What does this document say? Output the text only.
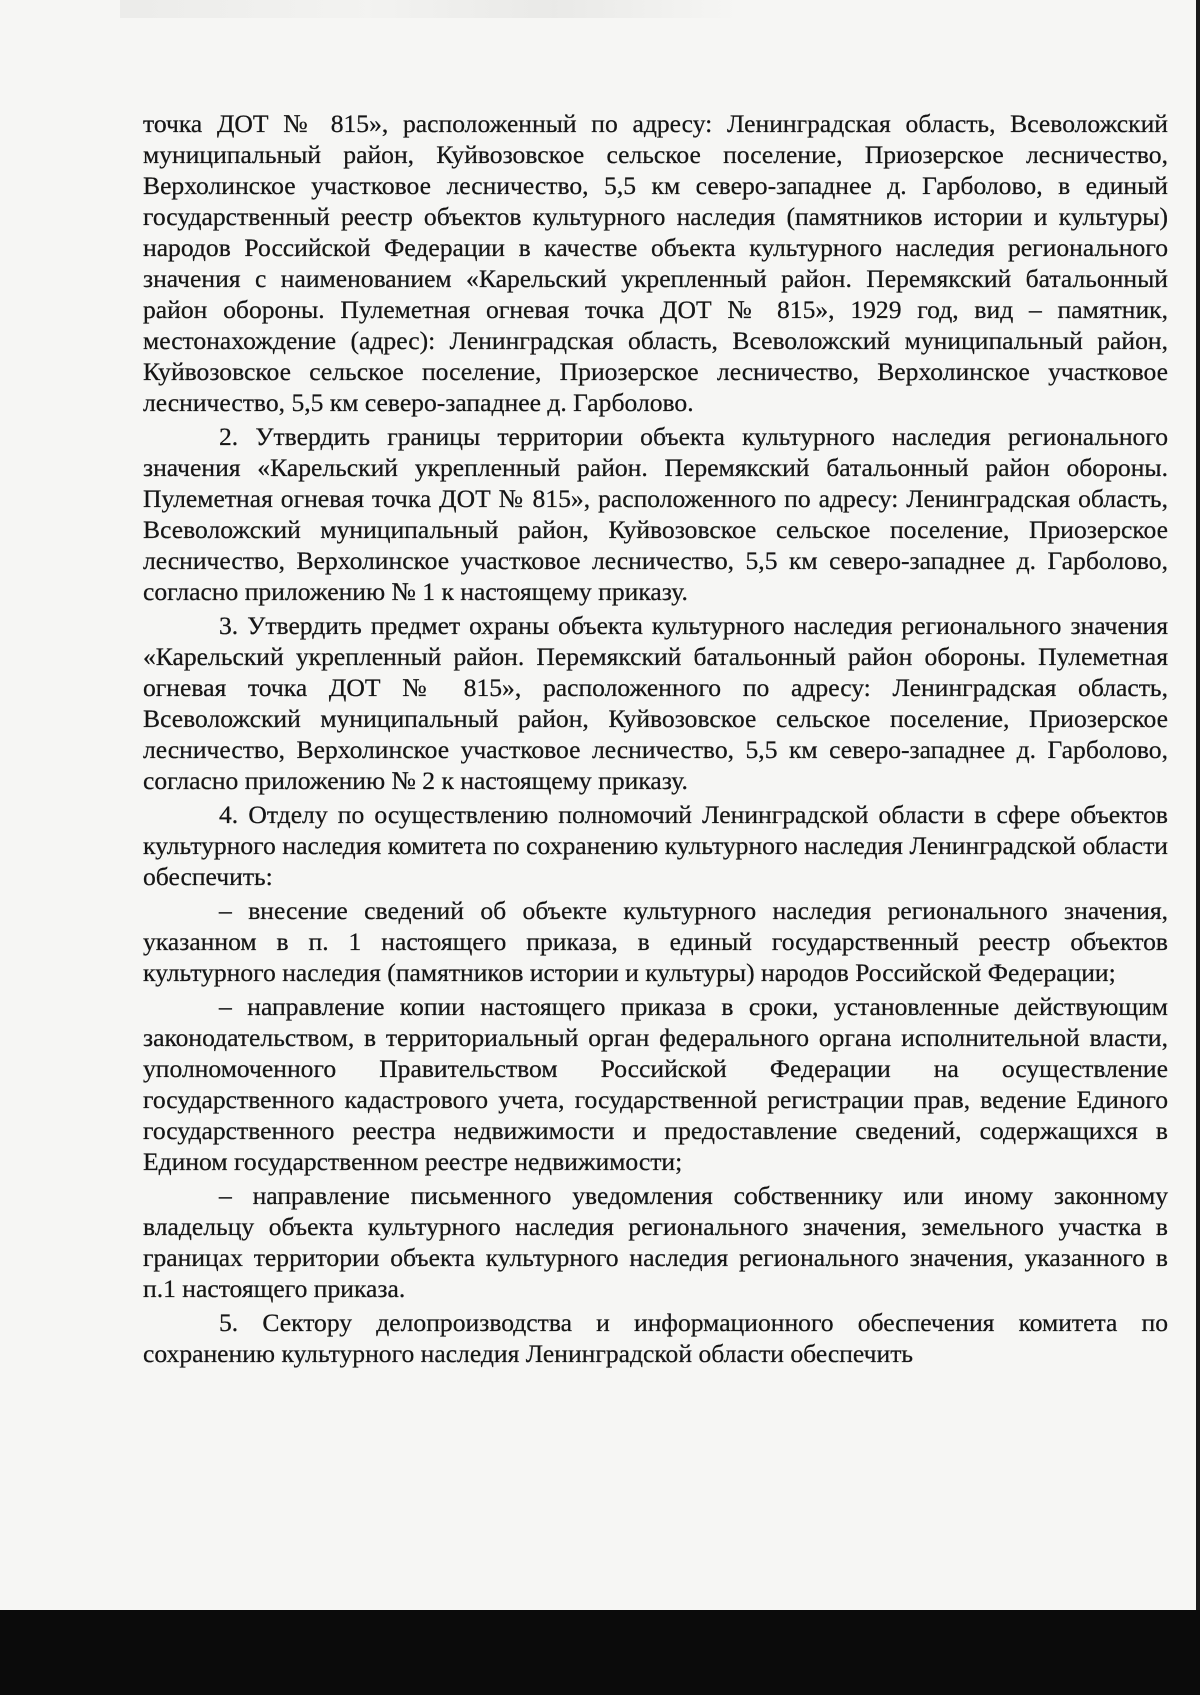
точка ДОТ № 815», расположенный по адресу: Ленинградская область, Всеволожский муниципальный район, Куйвозовское сельское поселение, Приозерское лесничество, Верхолинское участковое лесничество, 5,5 км северо-западнее д. Гарболово, в единый государственный реестр объектов культурного наследия (памятников истории и культуры) народов Российской Федерации в качестве объекта культурного наследия регионального значения с наименованием «Карельский укрепленный район. Перемякский батальонный район обороны. Пулеметная огневая точка ДОТ № 815», 1929 год, вид – памятник, местонахождение (адрес): Ленинградская область, Всеволожский муниципальный район, Куйвозовское сельское поселение, Приозерское лесничество, Верхолинское участковое лесничество, 5,5 км северо-западнее д. Гарболово.

2. Утвердить границы территории объекта культурного наследия регионального значения «Карельский укрепленный район. Перемякский батальонный район обороны. Пулеметная огневая точка ДОТ № 815», расположенного по адресу: Ленинградская область, Всеволожский муниципальный район, Куйвозовское сельское поселение, Приозерское лесничество, Верхолинское участковое лесничество, 5,5 км северо-западнее д. Гарболово, согласно приложению № 1 к настоящему приказу.

3. Утвердить предмет охраны объекта культурного наследия регионального значения «Карельский укрепленный район. Перемякский батальонный район обороны. Пулеметная огневая точка ДОТ № 815», расположенного по адресу: Ленинградская область, Всеволожский муниципальный район, Куйвозовское сельское поселение, Приозерское лесничество, Верхолинское участковое лесничество, 5,5 км северо-западнее д. Гарболово, согласно приложению № 2 к настоящему приказу.

4. Отделу по осуществлению полномочий Ленинградской области в сфере объектов культурного наследия комитета по сохранению культурного наследия Ленинградской области обеспечить:

– внесение сведений об объекте культурного наследия регионального значения, указанном в п. 1 настоящего приказа, в единый государственный реестр объектов культурного наследия (памятников истории и культуры) народов Российской Федерации;

– направление копии настоящего приказа в сроки, установленные действующим законодательством, в территориальный орган федерального органа исполнительной власти, уполномоченного Правительством Российской Федерации на осуществление государственного кадастрового учета, государственной регистрации прав, ведение Единого государственного реестра недвижимости и предоставление сведений, содержащихся в Едином государственном реестре недвижимости;

– направление письменного уведомления собственнику или иному законному владельцу объекта культурного наследия регионального значения, земельного участка в границах территории объекта культурного наследия регионального значения, указанного в п.1 настоящего приказа.

5. Сектору делопроизводства и информационного обеспечения комитета по сохранению культурного наследия Ленинградской области обеспечить
